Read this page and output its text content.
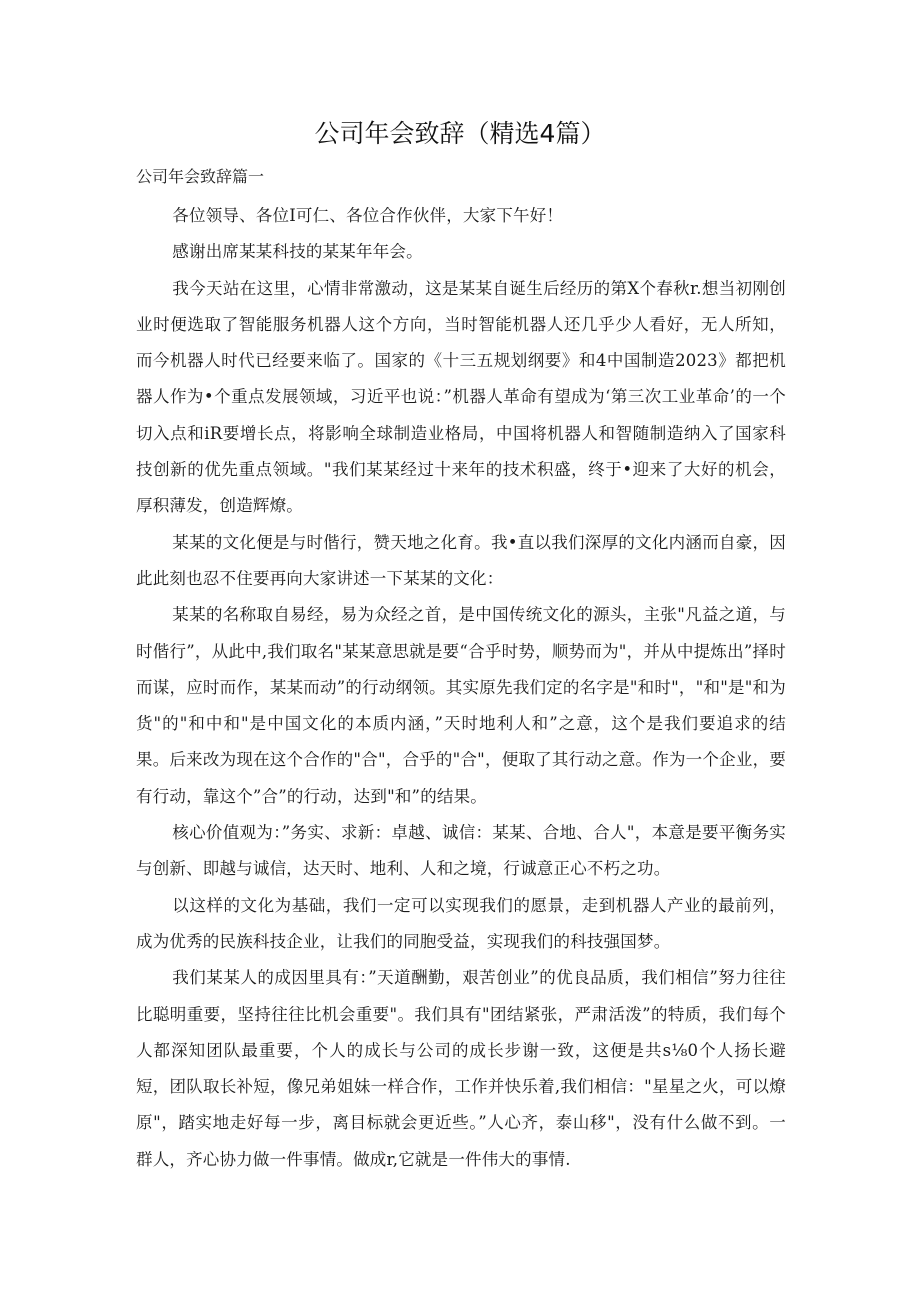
公司年会致辞（精选4篇）

公司年会致辞篇一

各位领导、各位I可仁、各位合作伙伴，大家下午好！

感谢出席某某科技的某某年年会。

我今天站在这里，心情非常激动，这是某某自诞生后经历的第X个春秋r.想当初刚创业时便选取了智能服务机器人这个方向，当时智能机器人还几乎少人看好，无人所知，而今机器人时代已经要来临了。国家的《十三五规划纲要》和4中国制造2023》都把机器人作为•个重点发展领域，习近平也说：”机器人革命有望成为‘第三次工业革命’的一个切入点和iR要增长点，将影响全球制造业格局，中国将机器人和智随制造纳入了国家科技创新的优先重点领域。"我们某某经过十来年的技术积盛，终于•迎来了大好的机会，厚积薄发，创造辉燎。

某某的文化便是与时偕行，赞天地之化育。我•直以我们深厚的文化内涵而自豪，因此此刻也忍不住要再向大家讲述一下某某的文化：

某某的名称取自易经，易为众经之首，是中国传统文化的源头，主张"凡益之道，与时偕行”，从此中,我们取名"某某意思就是要“合乎时势，顺势而为"，并从中提炼出”择时而谋，应时而作，某某而动”的行动纲领。其实原先我们定的名字是"和时"，"和"是"和为货"的"和中和"是中国文化的本质内涵，”天时地利人和”之意，这个是我们要追求的结果。后来改为现在这个合作的"合"，合乎的"合"，便取了其行动之意。作为一个企业，要有行动，靠这个”合”的行动，达到"和”的结果。

核心价值观为：”务实、求新：卓越、诚信：某某、合地、合人"，本意是要平衡务实与创新、即越与诚信，达天时、地利、人和之境，行诚意正心不朽之功。

以这样的文化为基础，我们一定可以实现我们的愿景，走到机器人产业的最前列，成为优秀的民族科技企业，让我们的同胞受益，实现我们的科技强国梦。

我们某某人的成因里具有：”天道酬勤，艰苦创业”的优良品质，我们相信”努力往往比聪明重要，坚持往往比机会重要"。我们具有"团结紧张，严肃活泼”的特质，我们每个人都深知团队最重要，个人的成长与公司的成长步谢一致，这便是共s⅛0个人扬长避短，团队取长补短，像兄弟姐妹一样合作，工作并快乐着,我们相信："星星之火，可以燎原"，踏实地走好每一步，离目标就会更近些。”人心齐，泰山移"，没有什么做不到。一群人，齐心协力做一件事情。做成r,它就是一件伟大的事情.
